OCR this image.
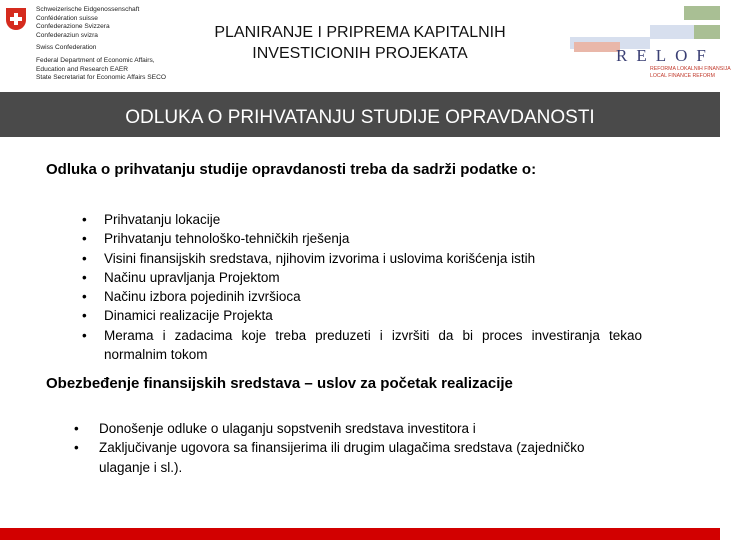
Schweizerische Eidgenossenschaft
Confédération suisse
Confederazione Svizzera
Confederaziun svizra
Swiss Confederation
Federal Department of Economic Affairs,
Education and Research EAER
State Secretariat for Economic Affairs SECO
PLANIRANJE I PRIPREMA KAPITALNIH
INVESTICIONIH PROJEKATA	RELOF
REFORMA LOKALNIH FINANSIJA
LOCAL FINANCE REFORM
ODLUKA O PRIHVATANJU STUDIJE OPRAVDANOSTI
Odluka o prihvatanju studije opravdanosti treba da sadrži podatke o:
• Prihvatanju lokacije
• Prihvatanju tehnološko-tehničkih rješenja
• Visini finansijskih sredstava, njihovim izvorima i uslovima korišćenja istih
• Načinu upravljanja Projektom
• Načinu izbora pojedinih izvršioca
• Dinamici realizacije Projekta
• Merama i zadacima koje treba preduzeti i izvršiti da bi proces investiranja tekao normalnim tokom
Obezbeđenje finansijskih sredstava – uslov za početak realizacije
• Donošenje odluke o ulaganju sopstvenih sredstava investitora i
• Zaključivanje ugovora sa finansijerima ili drugim ulagačima sredstava (zajedničko ulaganje i sl.).
